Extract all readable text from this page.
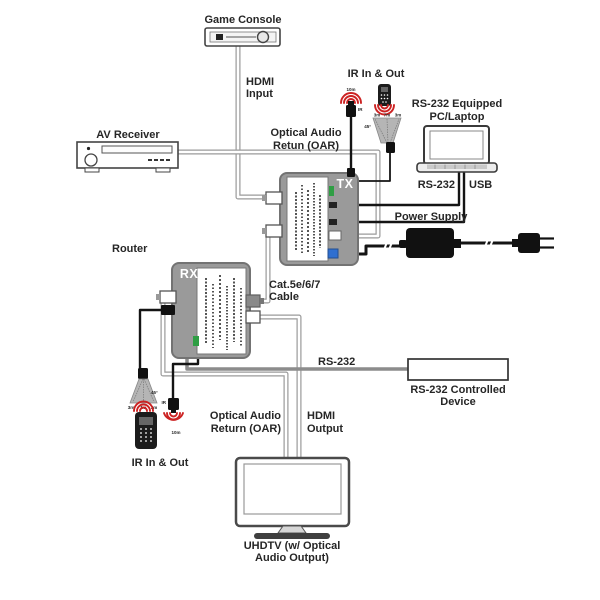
Game Console
HDMI
Input
AV Receiver	Optical Audio
Retun (OAR)
TX
RS-232 Equipped
PC/Laptop
RS-232 USB
Power Supply
IR In & Out
10m
IR
3m 7m 3m
45°
Router
RX
Cat.5e/6/7
Cable
RS-232
RS-232 Controlled
Device
45°
3m 7m 3m
IR
10m
IR In & Out
Optical Audio
Return (OAR)
HDMI
Output
UHDTV (w/ Optical
Audio Output)
